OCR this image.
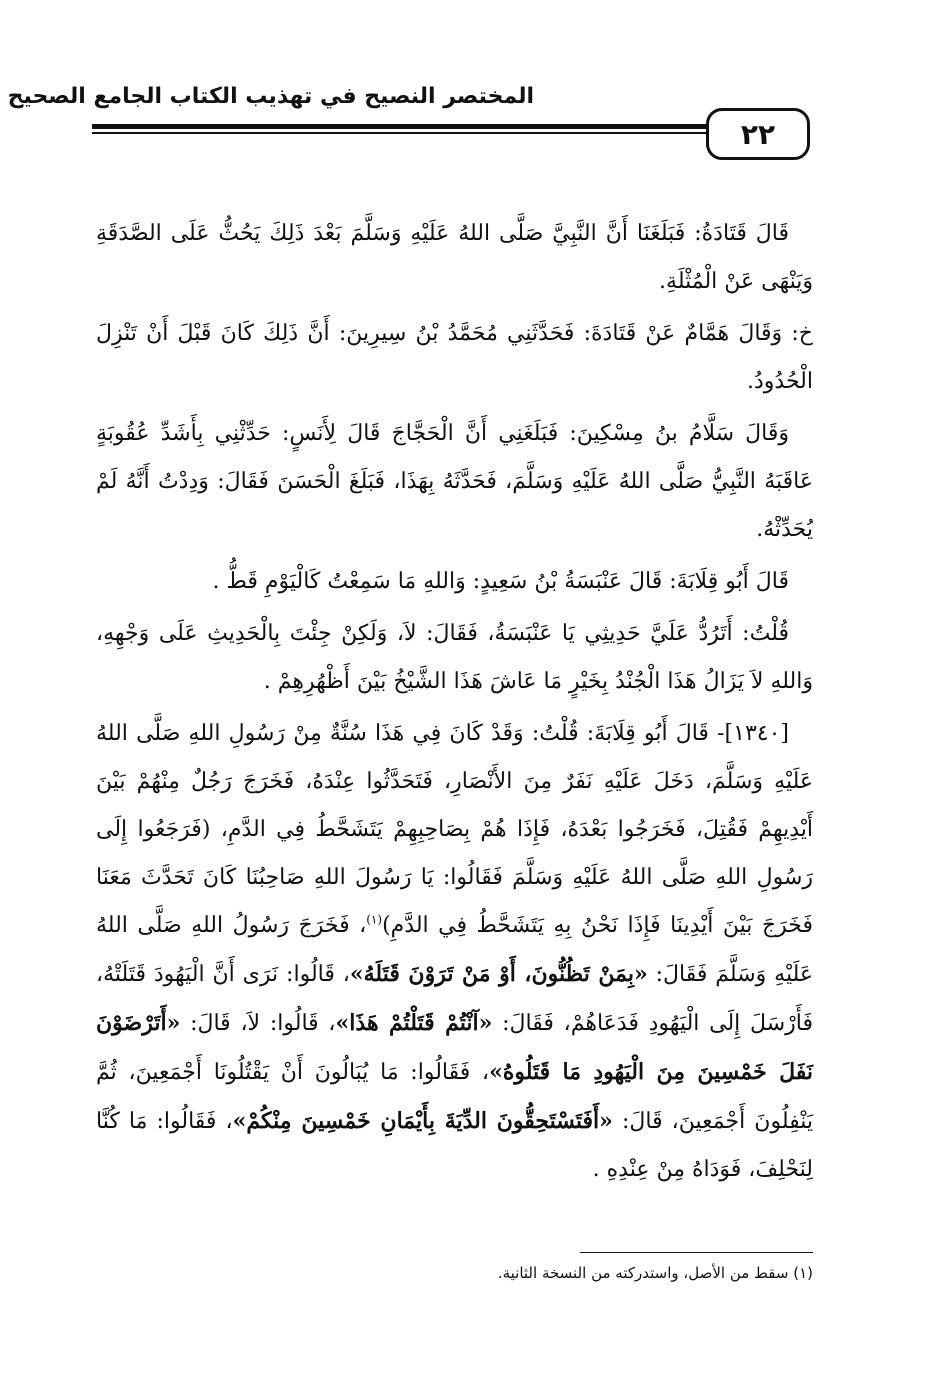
المختصر النصيح في تهذيب الكتاب الجامع الصحيح
٢٢

قَالَ قَتَادَةُ: فَبَلَغَنَا أَنَّ النَّبِيَّ صَلَّى اللهُ عَلَيْهِ وَسَلَّمَ بَعْدَ ذَلِكَ يَحُثُّ عَلَى الصَّدَقَةِ وَيَنْهَى عَنْ الْمُثْلَةِ.

خ: وَقَالَ هَمَّامٌ عَنْ قَتَادَةَ: فَحَدَّثَنِي مُحَمَّدُ بْنُ سِيرِينَ: أَنَّ ذَلِكَ كَانَ قَبْلَ أَنْ تَنْزِلَ الْحُدُودُ.

وَقَالَ سَلَّامُ بنُ مِسْكِينَ: فَبَلَغَنِي أَنَّ الْحَجَّاجَ قَالَ لِأَنَسٍ: حَدِّثْنِي بِأَشَدِّ عُقُوبَةٍ عَاقَبَهُ النَّبِيُّ صَلَّى اللهُ عَلَيْهِ وَسَلَّمَ، فَحَدَّثَهُ بِهَذَا، فَبَلَغَ الْحَسَنَ فَقَالَ: وَدِدْتُ أَنَّهُ لَمْ يُحَدِّثْهُ.

قَالَ أَبُو قِلَابَةَ: قَالَ عَنْبَسَةُ بْنُ سَعِيدٍ: وَاللهِ مَا سَمِعْتُ كَالْيَوْمِ قَطُّ .

قُلْتُ: أَتَرُدُّ عَلَيَّ حَدِيثِي يَا عَنْبَسَةُ، فَقَالَ: لاَ، وَلَكِنْ جِئْتَ بِالْحَدِيثِ عَلَى وَجْهِهِ، وَاللهِ لاَ يَزَالُ هَذَا الْجُنْدُ بِخَيْرٍ مَا عَاشَ هَذَا الشَّيْخُ بَيْنَ أَظْهُرِهِمْ .

[١٣٤٠]- قَالَ أَبُو قِلَابَةَ: قُلْتُ: وَقَدْ كَانَ فِي هَذَا سُنَّةٌ مِنْ رَسُولِ اللهِ صَلَّى اللهُ عَلَيْهِ وَسَلَّمَ، دَخَلَ عَلَيْهِ نَفَرٌ مِنَ الأَنْصَارِ، فَتَحَدَّثُوا عِنْدَهُ، فَخَرَجَ رَجُلٌ مِنْهُمْ بَيْنَ أَيْدِيهِمْ فَقُتِلَ، فَخَرَجُوا بَعْدَهُ، فَإِذَا هُمْ بِصَاحِبِهِمْ يَتَشَحَّطُ فِي الدَّمِ، (فَرَجَعُوا إِلَى رَسُولِ اللهِ صَلَّى اللهُ عَلَيْهِ وَسَلَّمَ فَقَالُوا: يَا رَسُولَ اللهِ صَاحِبُنَا كَانَ تَحَدَّثَ مَعَنَا فَخَرَجَ بَيْنَ أَيْدِينَا فَإِذَا نَحْنُ بِهِ يَتَشَحَّطُ فِي الدَّمِ)$^{(١)}$، فَخَرَجَ رَسُولُ اللهِ صَلَّى اللهُ عَلَيْهِ وَسَلَّمَ فَقَالَ: «بِمَنْ تَظُنُّونَ، أَوْ مَنْ تَرَوْنَ قَتَلَهُ»، قَالُوا: نَرَى أَنَّ الْيَهُودَ قَتَلَتْهُ، فَأَرْسَلَ إِلَى الْيَهُودِ فَدَعَاهُمْ، فَقَالَ: «آنْتُمْ قَتَلْتُمْ هَذَا»، قَالُوا: لاَ، قَالَ: «أَتَرْضَوْنَ نَفَلَ خَمْسِينَ مِنَ الْيَهُودِ مَا قَتَلُوهُ»، فَقَالُوا: مَا يُبَالُونَ أَنْ يَقْتُلُونَا أَجْمَعِينَ، ثُمَّ يَنْفِلُونَ أَجْمَعِينَ، قَالَ: «أَفَتَسْتَحِقُّونَ الدِّيَةَ بِأَيْمَانِ خَمْسِينَ مِنْكُمْ»، فَقَالُوا: مَا كُنَّا لِنَحْلِفَ، فَوَدَاهُ مِنْ عِنْدِهِ .

(١) سقط من الأصل، واستدركته من النسخة الثانية.
